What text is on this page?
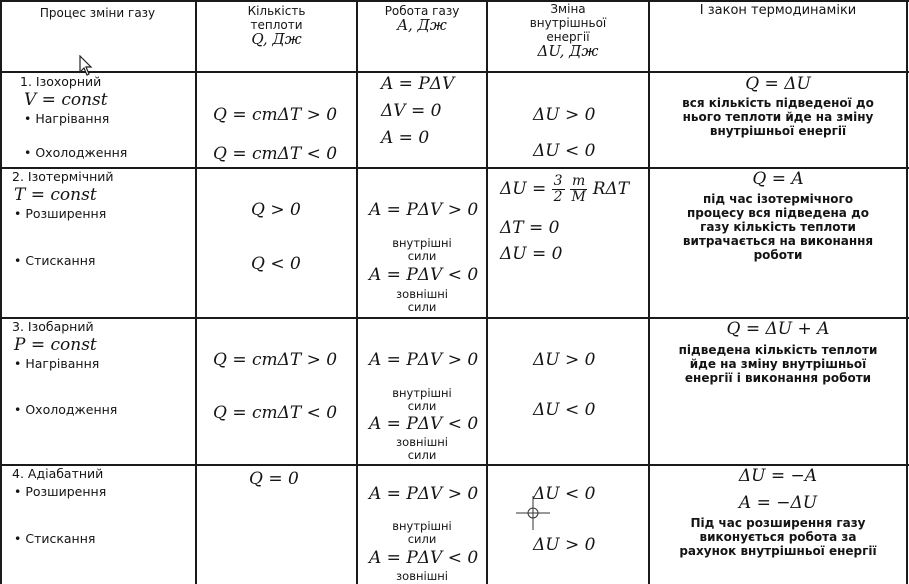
Процес зміни газу	Кількість
теплоти
Q, Дж
Робота газу
A, Дж
Зміна
внутрішньої
енергії
ΔU, Дж
І закон термодинаміки
1. Ізохорний
V = const
• Нагрівання
• Охолодження
Q = cmΔT > 0
Q = cmΔT < 0
A = PΔV
ΔV = 0
A = 0
ΔU > 0
ΔU < 0
Q = ΔU
вся кількість підведеної до
нього теплоти йде на зміну
внутрішньої енергії
2. Ізотермічний
T = const
• Розширення
• Стискання
Q > 0
Q < 0
A = PΔV > 0
внутрішні
сили
A = PΔV < 0
зовнішні
сили
$\Delta U = \frac{3}{2}$
$\frac{m}{M}$ RΔT
ΔT = 0
ΔU = 0
Q = A
під час ізотермічного
процесу вся підведена до
газу кількість теплоти
витрачається на виконання
роботи
3. Ізобарний
P = const
• Нагрівання
• Охолодження
Q = cmΔT > 0
Q = cmΔT < 0
A = PΔV > 0
внутрішні
сили
A = PΔV < 0
зовнішні
сили
ΔU > 0
ΔU < 0
Q = ΔU + A
підведена кількість теплоти
йде на зміну внутрішньої
енергії і виконання роботи
4. Адіабатний
• Розширення
• Стискання
Q = 0
A = PΔV > 0
внутрішні
сили
A = PΔV < 0
зовнішні
ΔU < 0
ΔU > 0
ΔU = −A
A = −ΔU
Під час розширення газу
виконується робота за
рахунок внутрішньої енергії
